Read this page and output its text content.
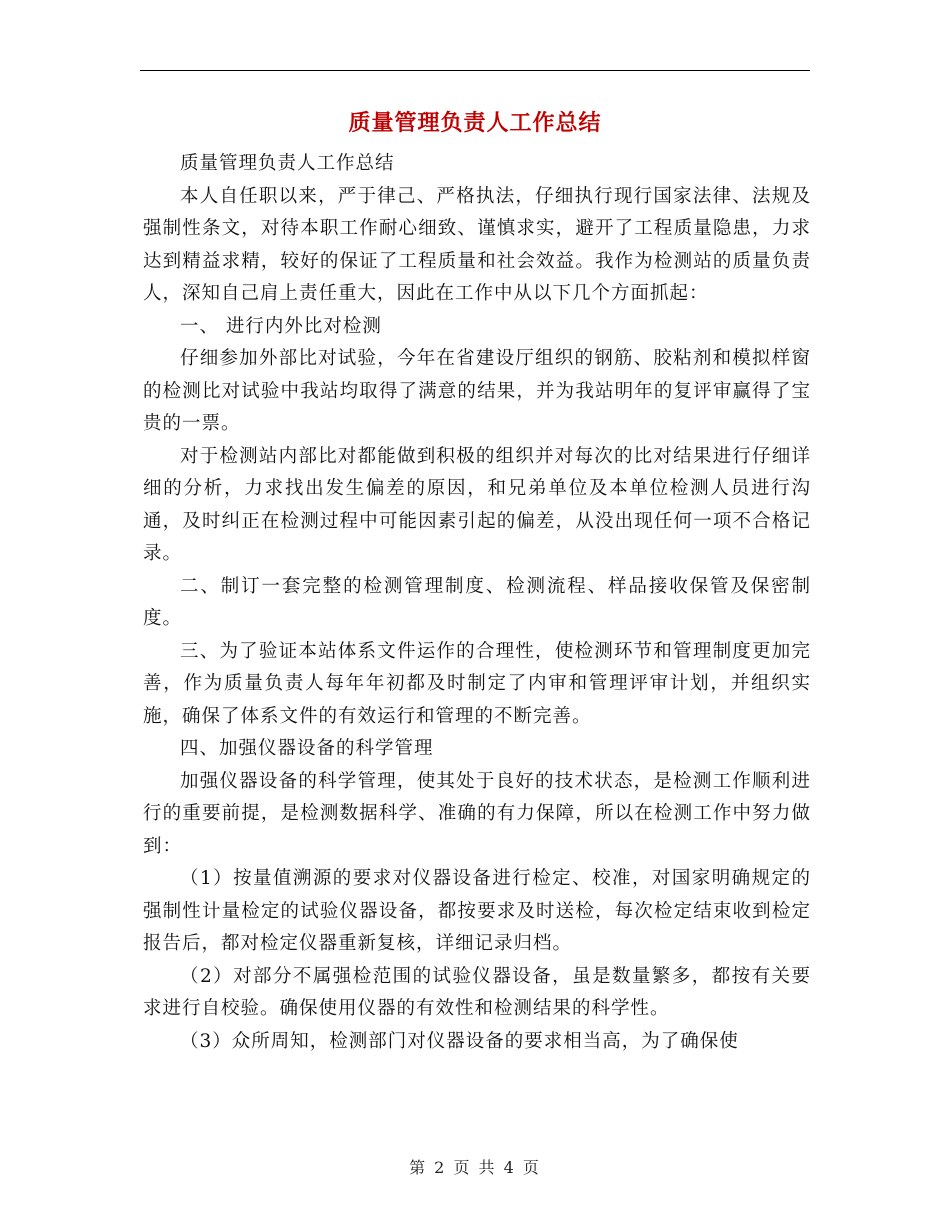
质量管理负责人工作总结

质量管理负责人工作总结

本人自任职以来，严于律己、严格执法，仔细执行现行国家法律、法规及强制性条文，对待本职工作耐心细致、谨慎求实，避开了工程质量隐患，力求达到精益求精，较好的保证了工程质量和社会效益。我作为检测站的质量负责人，深知自己肩上责任重大，因此在工作中从以下几个方面抓起：

一、 进行内外比对检测

仔细参加外部比对试验，今年在省建设厅组织的钢筋、胶粘剂和模拟样窗的检测比对试验中我站均取得了满意的结果，并为我站明年的复评审赢得了宝贵的一票。

对于检测站内部比对都能做到积极的组织并对每次的比对结果进行仔细详细的分析，力求找出发生偏差的原因，和兄弟单位及本单位检测人员进行沟通，及时纠正在检测过程中可能因素引起的偏差，从没出现任何一项不合格记录。

二、制订一套完整的检测管理制度、检测流程、样品接收保管及保密制度。

三、为了验证本站体系文件运作的合理性，使检测环节和管理制度更加完善，作为质量负责人每年年初都及时制定了内审和管理评审计划，并组织实施，确保了体系文件的有效运行和管理的不断完善。

四、加强仪器设备的科学管理

加强仪器设备的科学管理，使其处于良好的技术状态，是检测工作顺利进行的重要前提，是检测数据科学、准确的有力保障，所以在检测工作中努力做到：

（1）按量值溯源的要求对仪器设备进行检定、校准，对国家明确规定的强制性计量检定的试验仪器设备，都按要求及时送检，每次检定结束收到检定报告后，都对检定仪器重新复核，详细记录归档。

（2）对部分不属强检范围的试验仪器设备，虽是数量繁多，都按有关要求进行自校验。确保使用仪器的有效性和检测结果的科学性。

（3）众所周知，检测部门对仪器设备的要求相当高，为了确保使

第 2 页 共 4 页
